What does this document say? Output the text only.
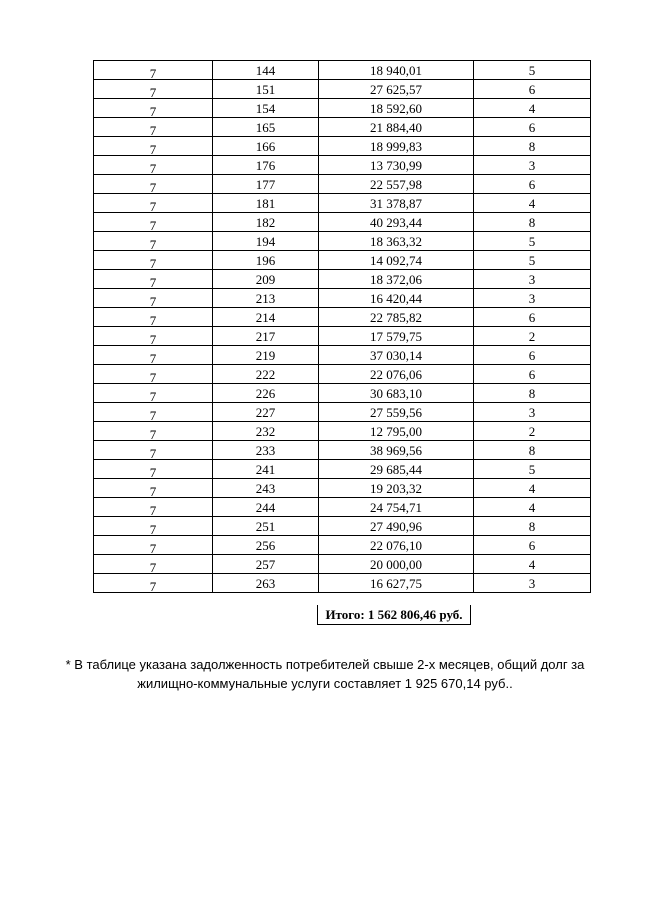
7	144	18 940,01	5
7	151	27 625,57	6
7	154	18 592,60	4
7	165	21 884,40	6
7	166	18 999,83	8
7	176	13 730,99	3
7	177	22 557,98	6
7	181	31 378,87	4
7	182	40 293,44	8
7	194	18 363,32	5
7	196	14 092,74	5
7	209	18 372,06	3
7	213	16 420,44	3
7	214	22 785,82	6
7	217	17 579,75	2
7	219	37 030,14	6
7	222	22 076,06	6
7	226	30 683,10	8
7	227	27 559,56	3
7	232	12 795,00	2
7	233	38 969,56	8
7	241	29 685,44	5
7	243	19 203,32	4
7	244	24 754,71	4
7	251	27 490,96	8
7	256	22 076,10	6
7	257	20 000,00	4
7	263	16 627,75	3
Итого: 1 562 806,46 руб.
* В таблице указана задолженность потребителей свыше 2-х месяцев, общий долг за жилищно-коммунальные услуги составляет 1 925 670,14 руб..
